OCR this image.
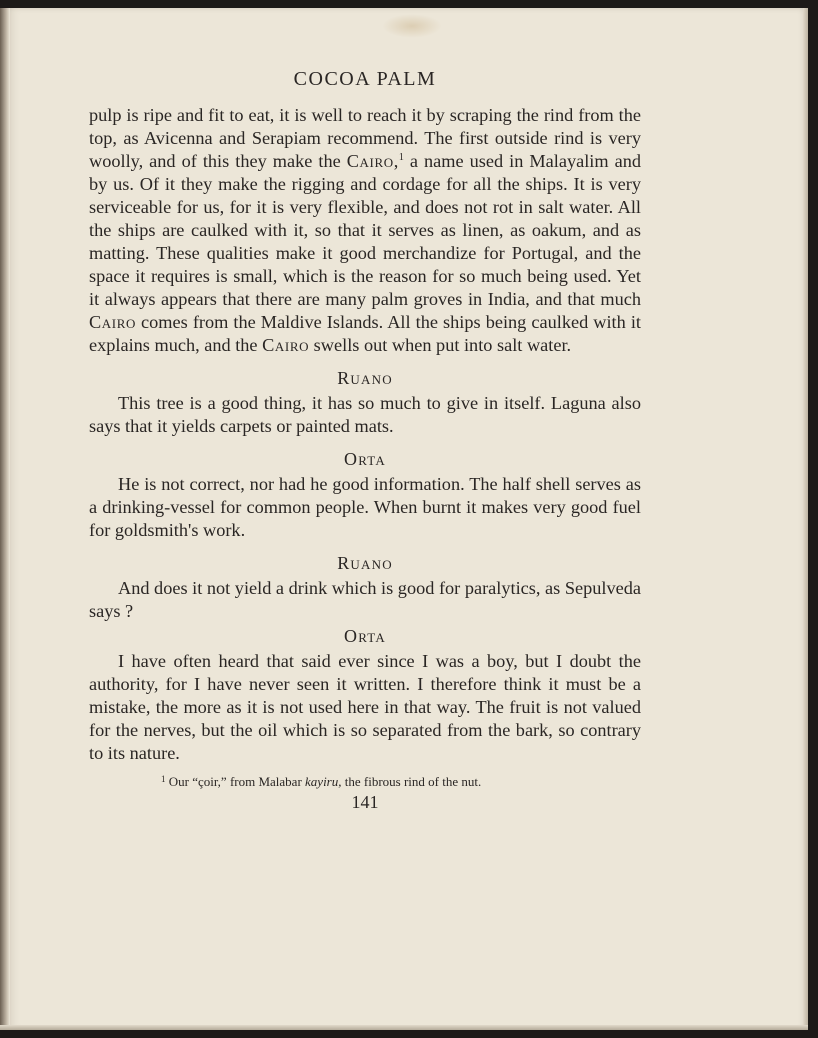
COCOA PALM

pulp is ripe and fit to eat, it is well to reach it by scraping the rind from the top, as Avicenna and Serapiam recommend. The first outside rind is very woolly, and of this they make the Cairo,$^1$ a name used in Malayalim and by us. Of it they make the rigging and cordage for all the ships. It is very serviceable for us, for it is very flexible, and does not rot in salt water. All the ships are caulked with it, so that it serves as linen, as oakum, and as matting. These qualities make it good merchandize for Portugal, and the space it requires is small, which is the reason for so much being used. Yet it always appears that there are many palm groves in India, and that much Cairo comes from the Maldive Islands. All the ships being caulked with it explains much, and the Cairo swells out when put into salt water.

Ruano

This tree is a good thing, it has so much to give in itself. Laguna also says that it yields carpets or painted mats.

Orta

He is not correct, nor had he good information. The half shell serves as a drinking-vessel for common people. When burnt it makes very good fuel for goldsmith's work.

Ruano

And does it not yield a drink which is good for paralytics, as Sepulveda says ?

Orta

I have often heard that said ever since I was a boy, but I doubt the authority, for I have never seen it written. I therefore think it must be a mistake, the more as it is not used here in that way. The fruit is not valued for the nerves, but the oil which is so separated from the bark, so contrary to its nature.

$^1$ Our “çoir,” from Malabar kayiru, the fibrous rind of the nut.
141
